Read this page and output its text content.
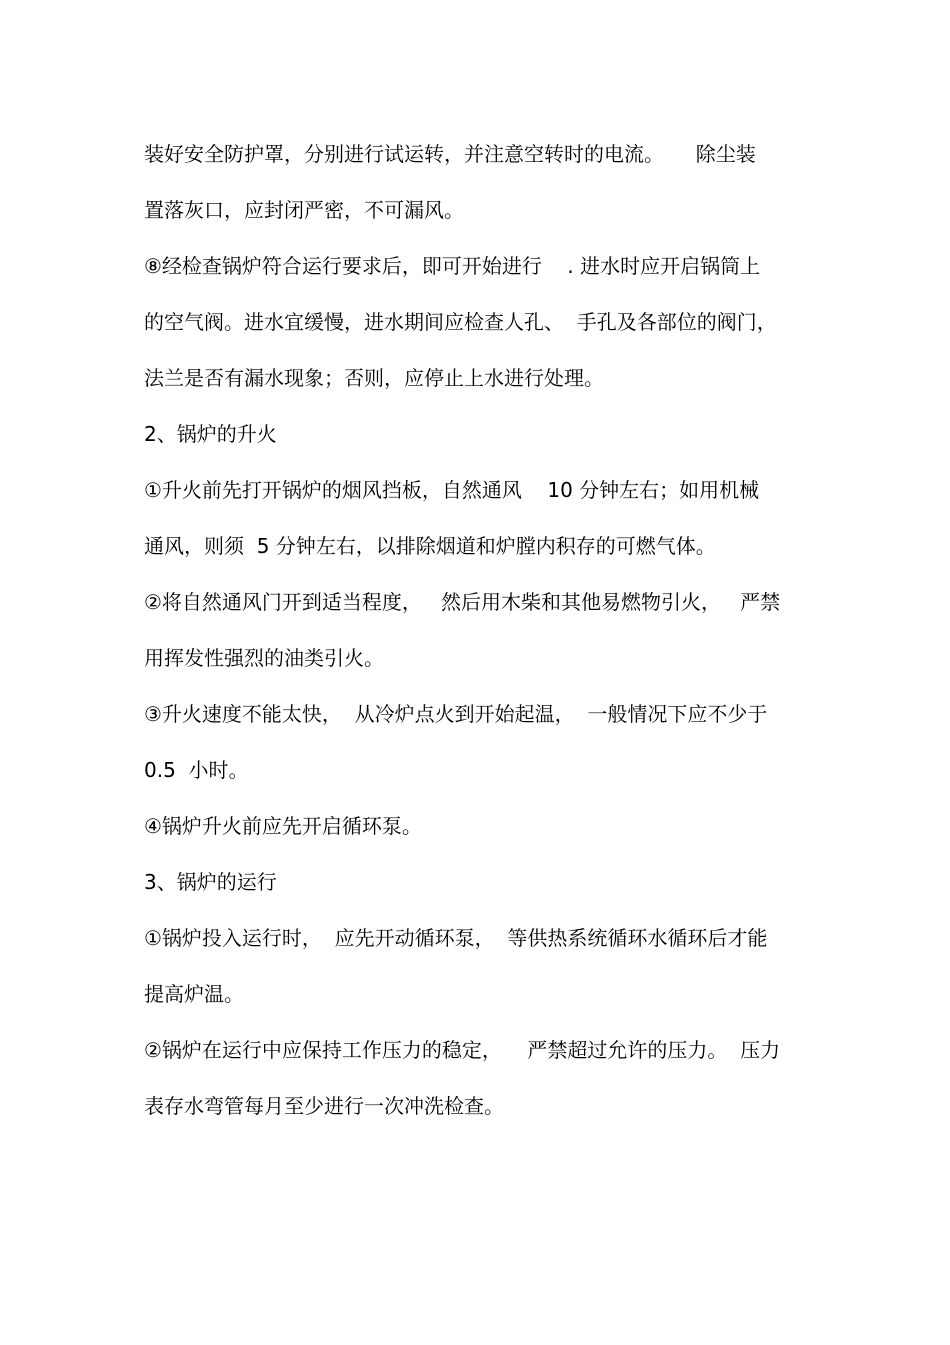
装好安全防护罩，分别进行试运转，并注意空转时的电流。     除尘装
置落灰口，应封闭严密，不可漏风。
⑧经检查锅炉符合运行要求后，即可开始进行    . 进水时应开启锅筒上
的空气阀。进水宜缓慢，进水期间应检查人孔、  手孔及各部位的阀门，
法兰是否有漏水现象；否则，应停止上水进行处理。
2、锅炉的升火
①升火前先打开锅炉的烟风挡板，自然通风    10 分钟左右；如用机械
通风，则须  5 分钟左右，以排除烟道和炉膛内积存的可燃气体。
②将自然通风门开到适当程度，   然后用木柴和其他易燃物引火，   严禁
用挥发性强烈的油类引火。
③升火速度不能太快，  从冷炉点火到开始起温，  一般情况下应不少于
0.5  小时。
④锅炉升火前应先开启循环泵。
3、锅炉的运行
①锅炉投入运行时，  应先开动循环泵，  等供热系统循环水循环后才能
提高炉温。
②锅炉在运行中应保持工作压力的稳定，    严禁超过允许的压力。  压力
表存水弯管每月至少进行一次冲洗检查。
